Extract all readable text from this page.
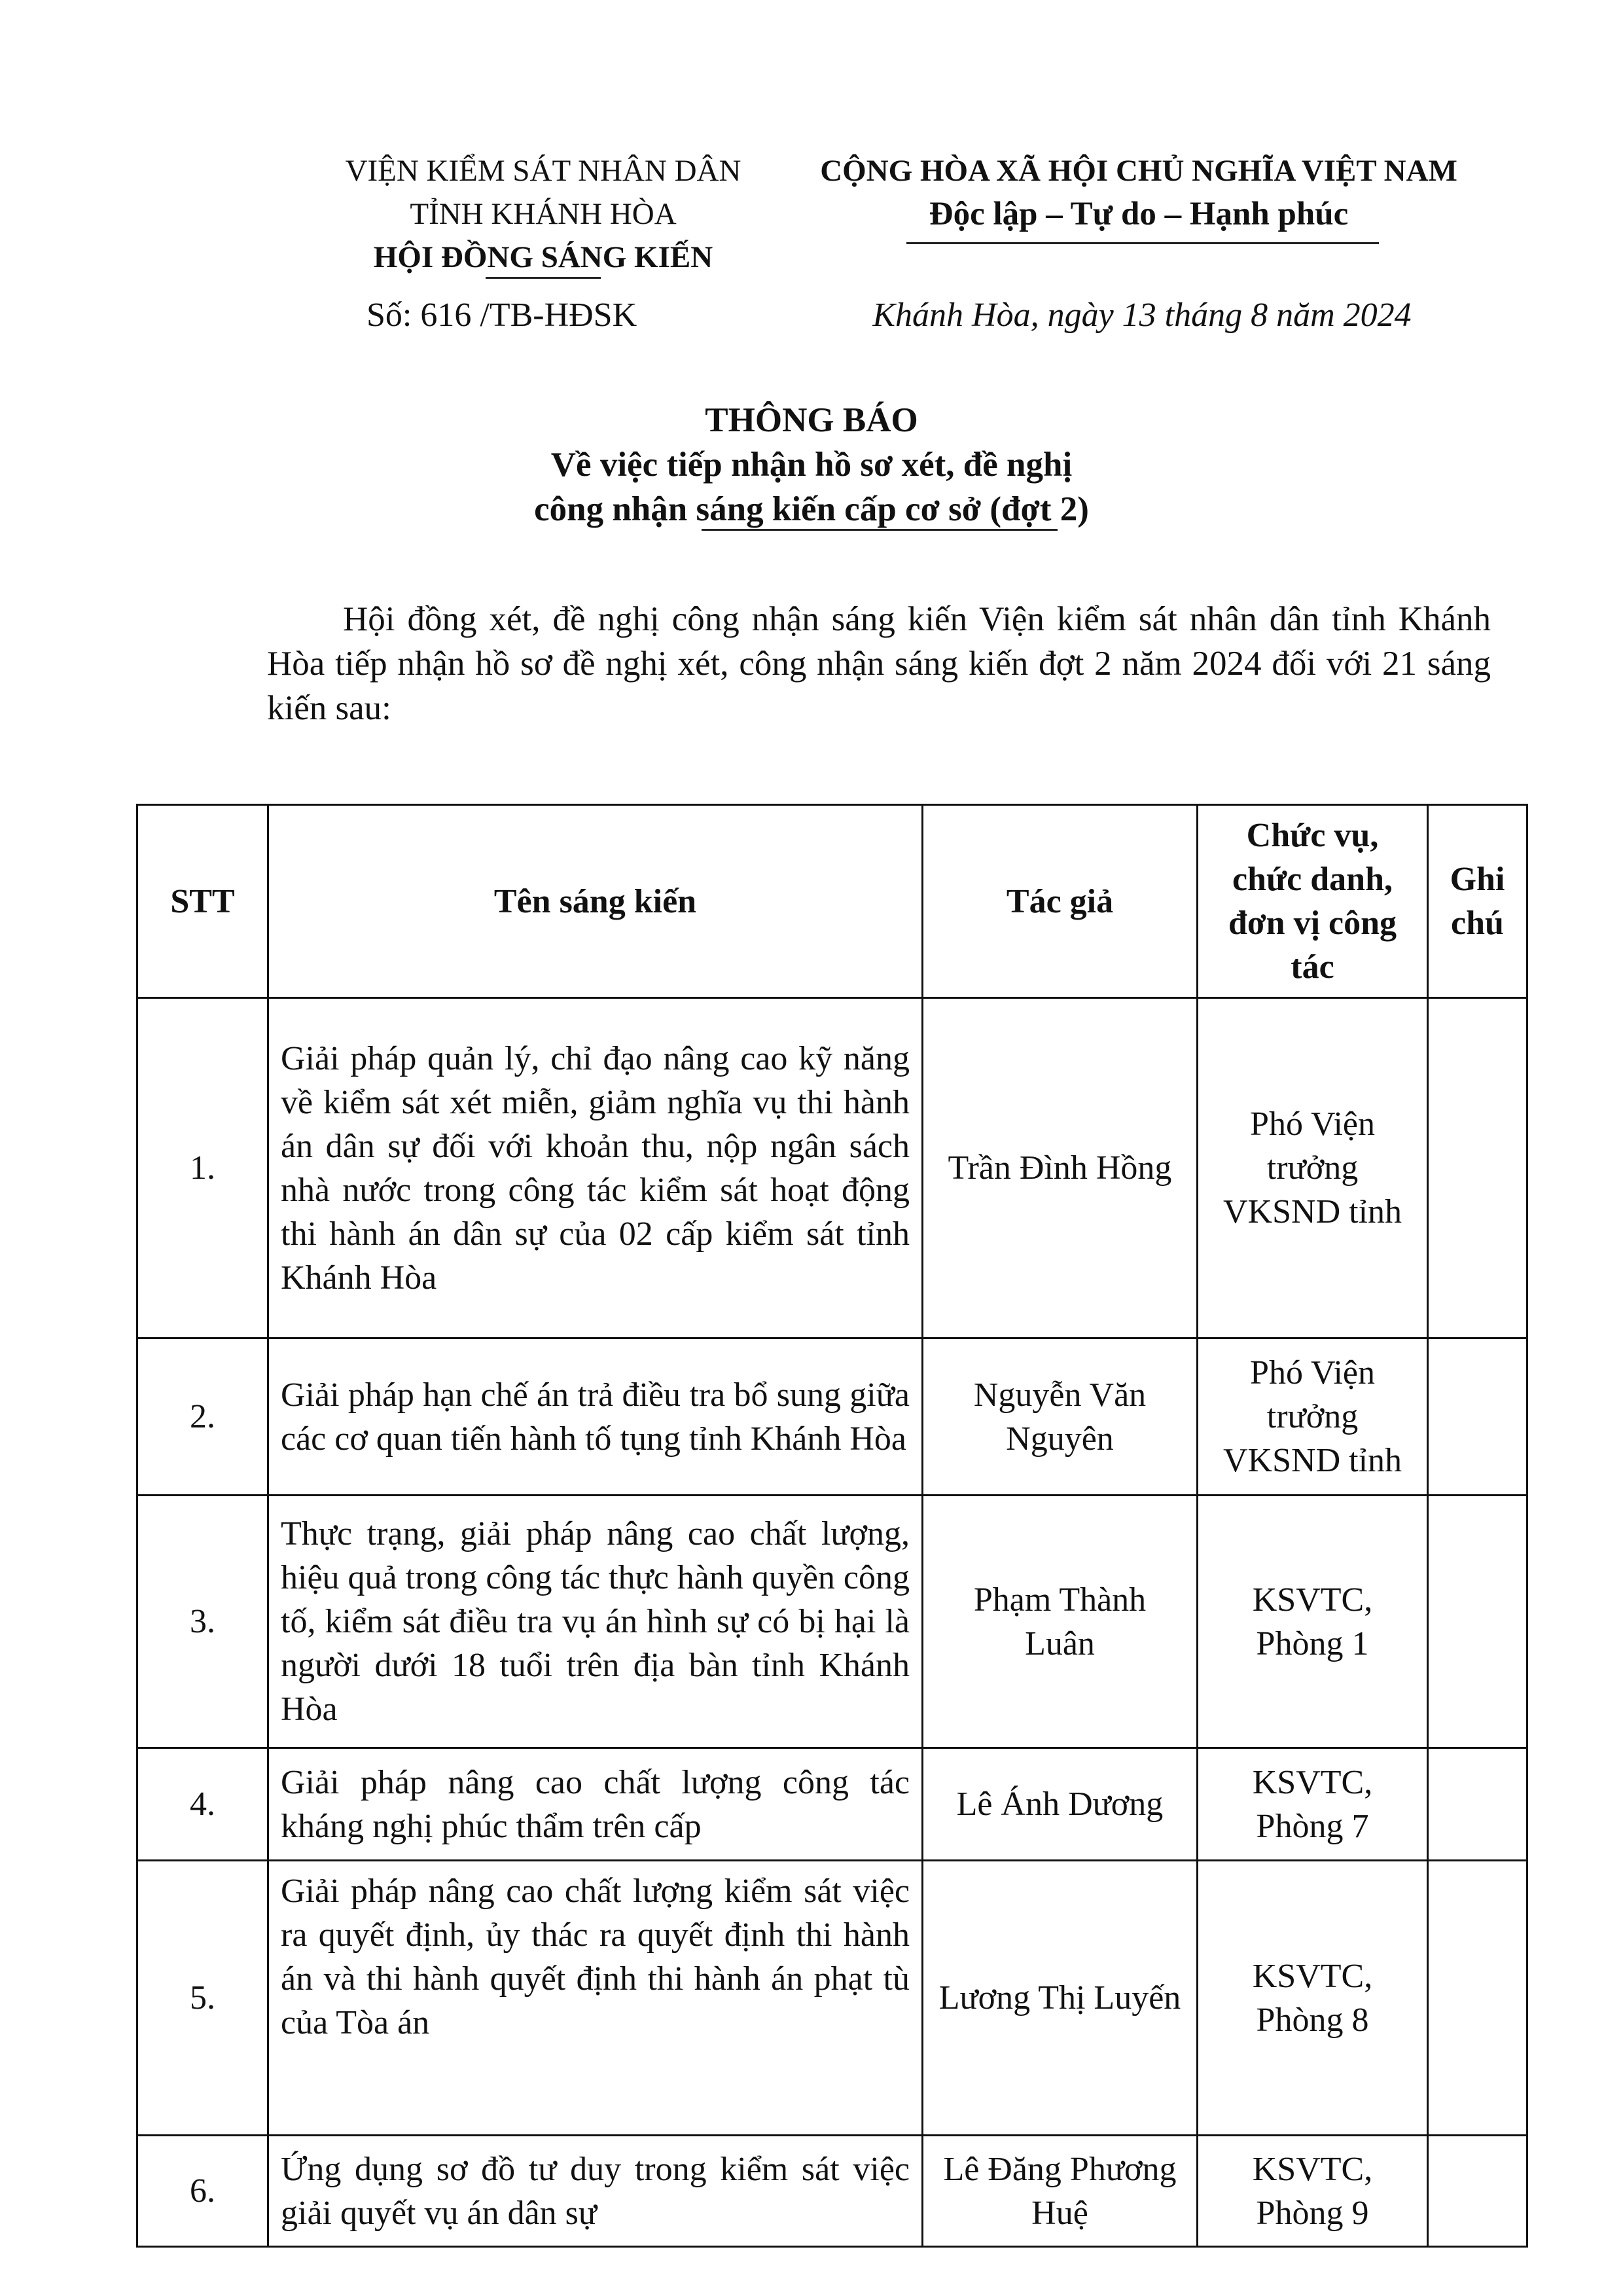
VIỆN KIỂM SÁT NHÂN DÂN
TỈNH KHÁNH HÒA
HỘI ĐỒNG SÁNG KIẾN
CỘNG HÒA XÃ HỘI CHỦ NGHĨA VIỆT NAM
Độc lập – Tự do – Hạnh phúc
Số: 616 /TB-HĐSK	Khánh Hòa, ngày 13 tháng 8 năm 2024
THÔNG BÁO
Về việc tiếp nhận hồ sơ xét, đề nghị
công nhận sáng kiến cấp cơ sở (đợt 2)

Hội đồng xét, đề nghị công nhận sáng kiến Viện kiểm sát nhân dân tỉnh Khánh Hòa tiếp nhận hồ sơ đề nghị xét, công nhận sáng kiến đợt 2 năm 2024 đối với 21 sáng kiến sau:

STT	Tên sáng kiến	Tác giả	Chức vụ, chức danh, đơn vị công tác	Ghi chú
1.	Giải pháp quản lý, chỉ đạo nâng cao kỹ năng về kiểm sát xét miễn, giảm nghĩa vụ thi hành án dân sự đối với khoản thu, nộp ngân sách nhà nước trong công tác kiểm sát hoạt động thi hành án dân sự của 02 cấp kiểm sát tỉnh Khánh Hòa	Trần Đình Hồng	Phó Viện trưởng VKSND tỉnh	
2.	Giải pháp hạn chế án trả điều tra bổ sung giữa các cơ quan tiến hành tố tụng tỉnh Khánh Hòa	Nguyễn Văn Nguyên	Phó Viện trưởng VKSND tỉnh	
3.	Thực trạng, giải pháp nâng cao chất lượng, hiệu quả trong công tác thực hành quyền công tố, kiểm sát điều tra vụ án hình sự có bị hại là người dưới 18 tuổi trên địa bàn tỉnh Khánh Hòa	Phạm Thành Luân	KSVTC, Phòng 1	
4.	Giải pháp nâng cao chất lượng công tác kháng nghị phúc thẩm trên cấp	Lê Ánh Dương	KSVTC, Phòng 7	
5.	Giải pháp nâng cao chất lượng kiểm sát việc ra quyết định, ủy thác ra quyết định thi hành án và thi hành quyết định thi hành án phạt tù của Tòa án	Lương Thị Luyến	KSVTC, Phòng 8	
6.	Ứng dụng sơ đồ tư duy trong kiểm sát việc giải quyết vụ án dân sự	Lê Đăng Phương Huệ	KSVTC, Phòng 9	
